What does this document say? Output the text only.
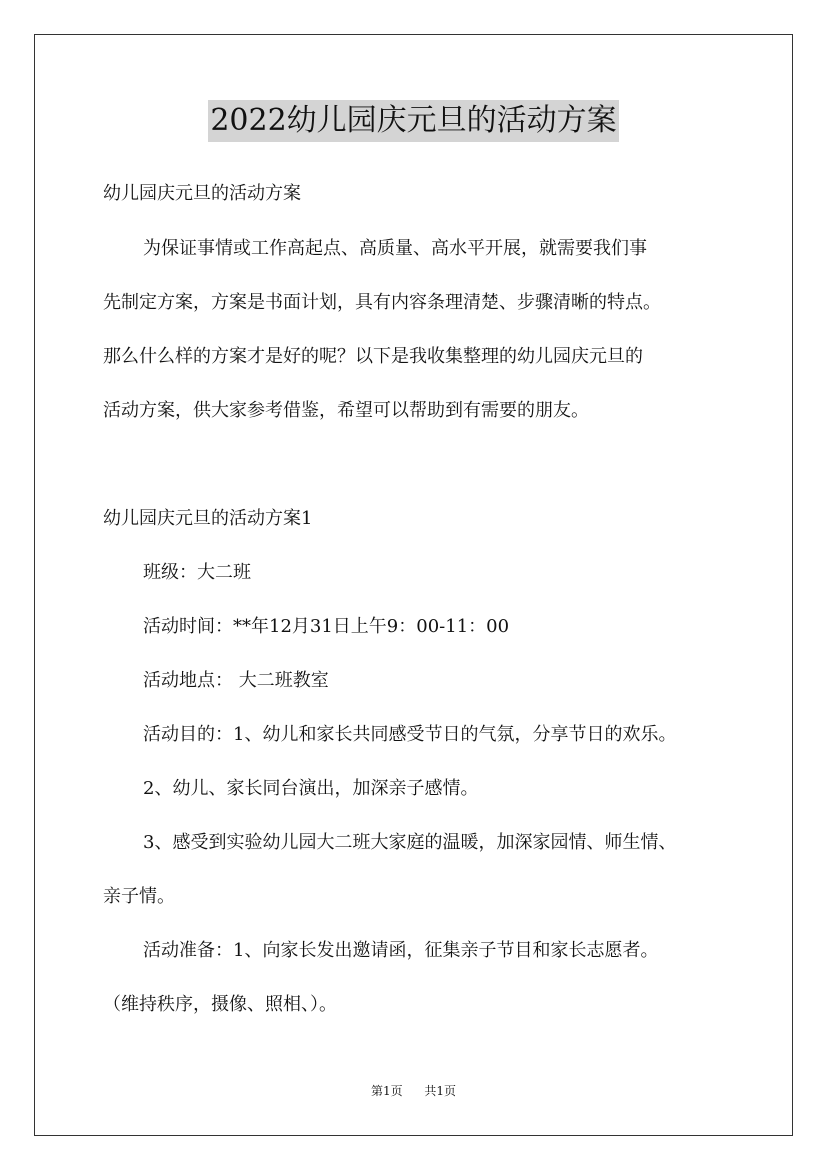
2022幼儿园庆元旦的活动方案

幼儿园庆元旦的活动方案

为保证事情或工作高起点、高质量、高水平开展，就需要我们事

先制定方案，方案是书面计划，具有内容条理清楚、步骤清晰的特点。

那么什么样的方案才是好的呢？以下是我收集整理的幼儿园庆元旦的

活动方案，供大家参考借鉴，希望可以帮助到有需要的朋友。

幼儿园庆元旦的活动方案1

班级：大二班

活动时间：**年12月31日上午9：00-11：00

活动地点： 大二班教室

活动目的：1、幼儿和家长共同感受节日的气氛，分享节日的欢乐。

2、幼儿、家长同台演出，加深亲子感情。

3、感受到实验幼儿园大二班大家庭的温暖，加深家园情、师生情、

亲子情。

活动准备：1、向家长发出邀请函，征集亲子节目和家长志愿者。

（维持秩序，摄像、照相、）。

第1页 共1页
